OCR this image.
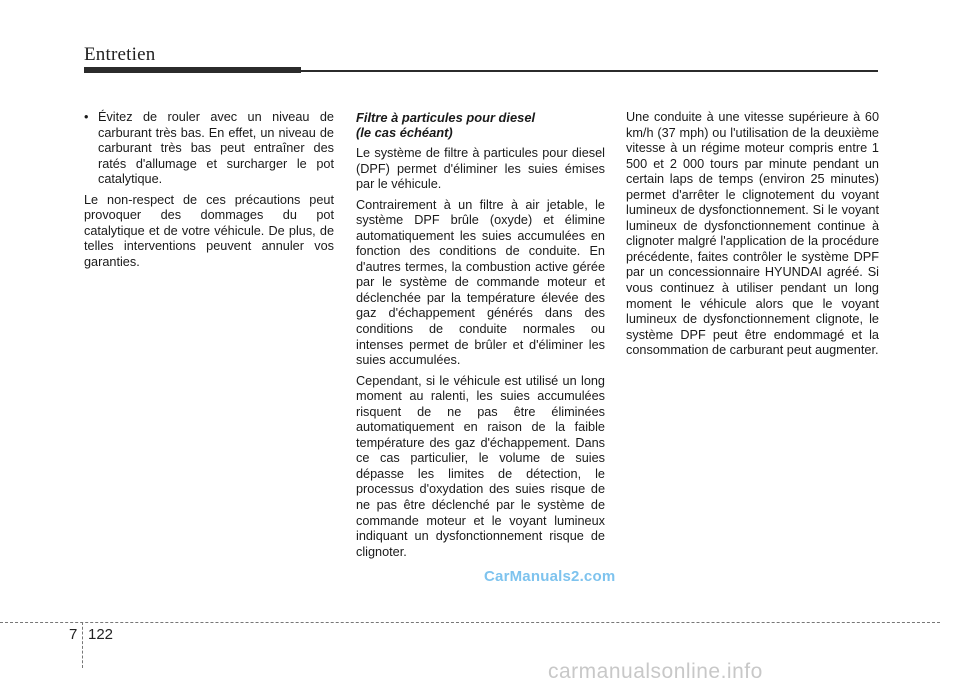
Entretien
• Évitez de rouler avec un niveau de carburant très bas. En effet, un niveau de carburant très bas peut entraîner des ratés d'allumage et surcharger le pot catalytique.

Le non-respect de ces précautions peut provoquer des dommages du pot catalytique et de votre véhicule. De plus, de telles interventions peuvent annuler vos garanties.

Filtre à particules pour diesel
(le cas échéant)

Le système de filtre à particules pour diesel (DPF) permet d'éliminer les suies émises par le véhicule.

Contrairement à un filtre à air jetable, le système DPF brûle (oxyde) et élimine automatiquement les suies accumulées en fonction des conditions de conduite. En d'autres termes, la combustion active gérée par le système de commande moteur et déclenchée par la température élevée des gaz d'échappement générés dans des conditions de conduite normales ou intenses permet de brûler et d'éliminer les suies accumulées.

Cependant, si le véhicule est utilisé un long moment au ralenti, les suies accumulées risquent de ne pas être éliminées automatiquement en raison de la faible température des gaz d'échappement. Dans ce cas particulier, le volume de suies dépasse les limites de détection, le processus d'oxydation des suies risque de ne pas être déclenché par le système de commande moteur et le voyant lumineux indiquant un dysfonctionnement risque de clignoter.

Une conduite à une vitesse supérieure à 60 km/h (37 mph) ou l'utilisation de la deuxième vitesse à un régime moteur compris entre 1 500 et 2 000 tours par minute pendant un certain laps de temps (environ 25 minutes) permet d'arrêter le clignotement du voyant lumineux de dysfonctionnement. Si le voyant lumineux de dysfonctionnement continue à clignoter malgré l'application de la procédure précédente, faites contrôler le système DPF par un concessionnaire HYUNDAI agréé. Si vous continuez à utiliser pendant un long moment le véhicule alors que le voyant lumineux de dysfonctionnement clignote, le système DPF peut être endommagé et la consommation de carburant peut augmenter.

CarManuals2.com
7 122
carmanualsonline.info
